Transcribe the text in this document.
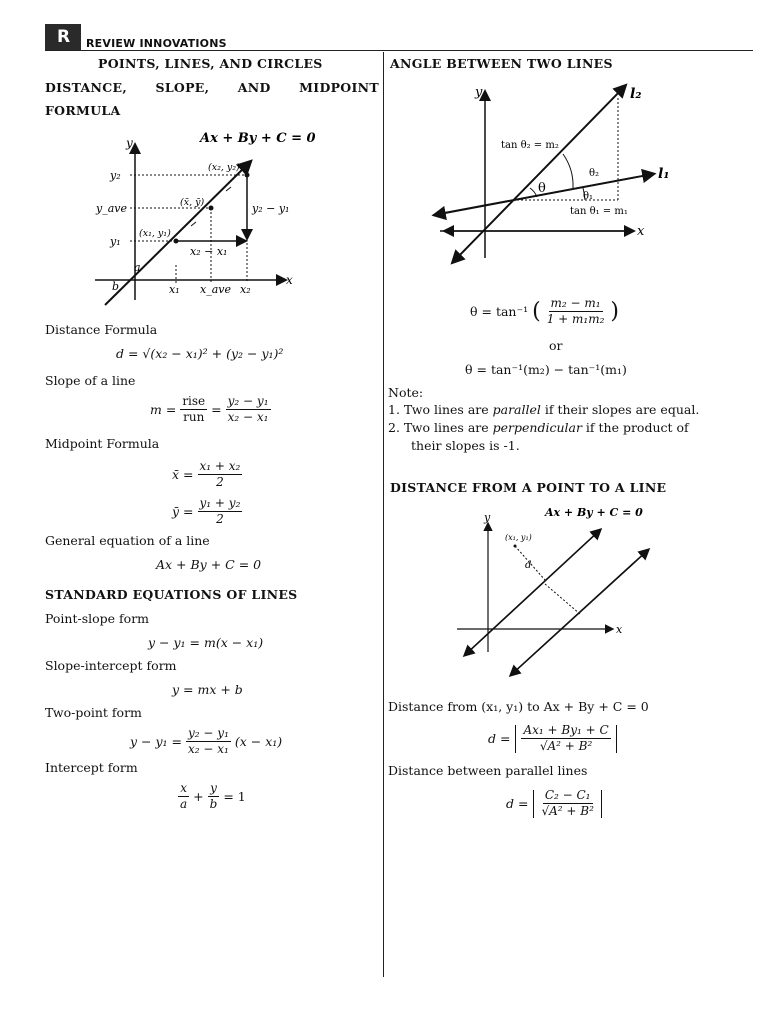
R	REVIEW INNOVATIONS
POINTS, LINES, AND CIRCLES
DISTANCE, SLOPE, AND MIDPOINT
FORMULA
Ax + By + C = 0
y
x
y₂
y_ave
y₁
x₁ x_ave x₂
(x₂, y₂)
(x̄, ȳ)
(x₁, y₁)
y₂ − y₁
x₂ − x₁
a
b
Distance Formula
d = √(x₂ − x₁)² + (y₂ − y₁)²
Slope of a line
$m = \frac{\text{rise}}{\text{run}} = \frac{\text{y₂ − y₁}}{\text{x₂ − x₁}}$
Midpoint Formula
x̄ = $\frac{\text{x₁ + x₂}}{2}$
ȳ = $\frac{\text{y₁ + y₂}}{2}$
General equation of a line
Ax + By + C = 0
STANDARD EQUATIONS OF LINES
Point-slope form
y − y₁ = m(x − x₁)
Slope-intercept form
y = mx + b
Two-point form
$y - y_1 = \frac{\text{y₂ − y₁}}{\text{x₂ − x₁}} (x - x_1)$
Intercept form
$\frac{x}{a} + \frac{y}{b} = 1$
ANGLE BETWEEN TWO LINES
y
x
l₂
l₁
tan θ₂ = m₂
tan θ₁ = m₁
θ
θ₂
θ₁
θ = tan⁻¹ ( $\frac{\text{m₂ − m₁}}{\text{1 + m₁m₂}}$ )
or
θ = tan⁻¹(m₂) − tan⁻¹(m₁)
Note:
1. Two lines are parallel if their slopes are equal.
2. Two lines are perpendicular if the product of
their slopes is -1.
DISTANCE FROM A POINT TO A LINE
y
x
Ax + By + C = 0
(x₁, y₁)
d
Distance from (x₁, y₁) to Ax + By + C = 0
$d = \frac{\text{Ax₁ + By₁ + C}}{\text{√A² + B²}}$
Distance between parallel lines
$d = \frac{\text{C₂ − C₁}}{\text{√A² + B²}}$
